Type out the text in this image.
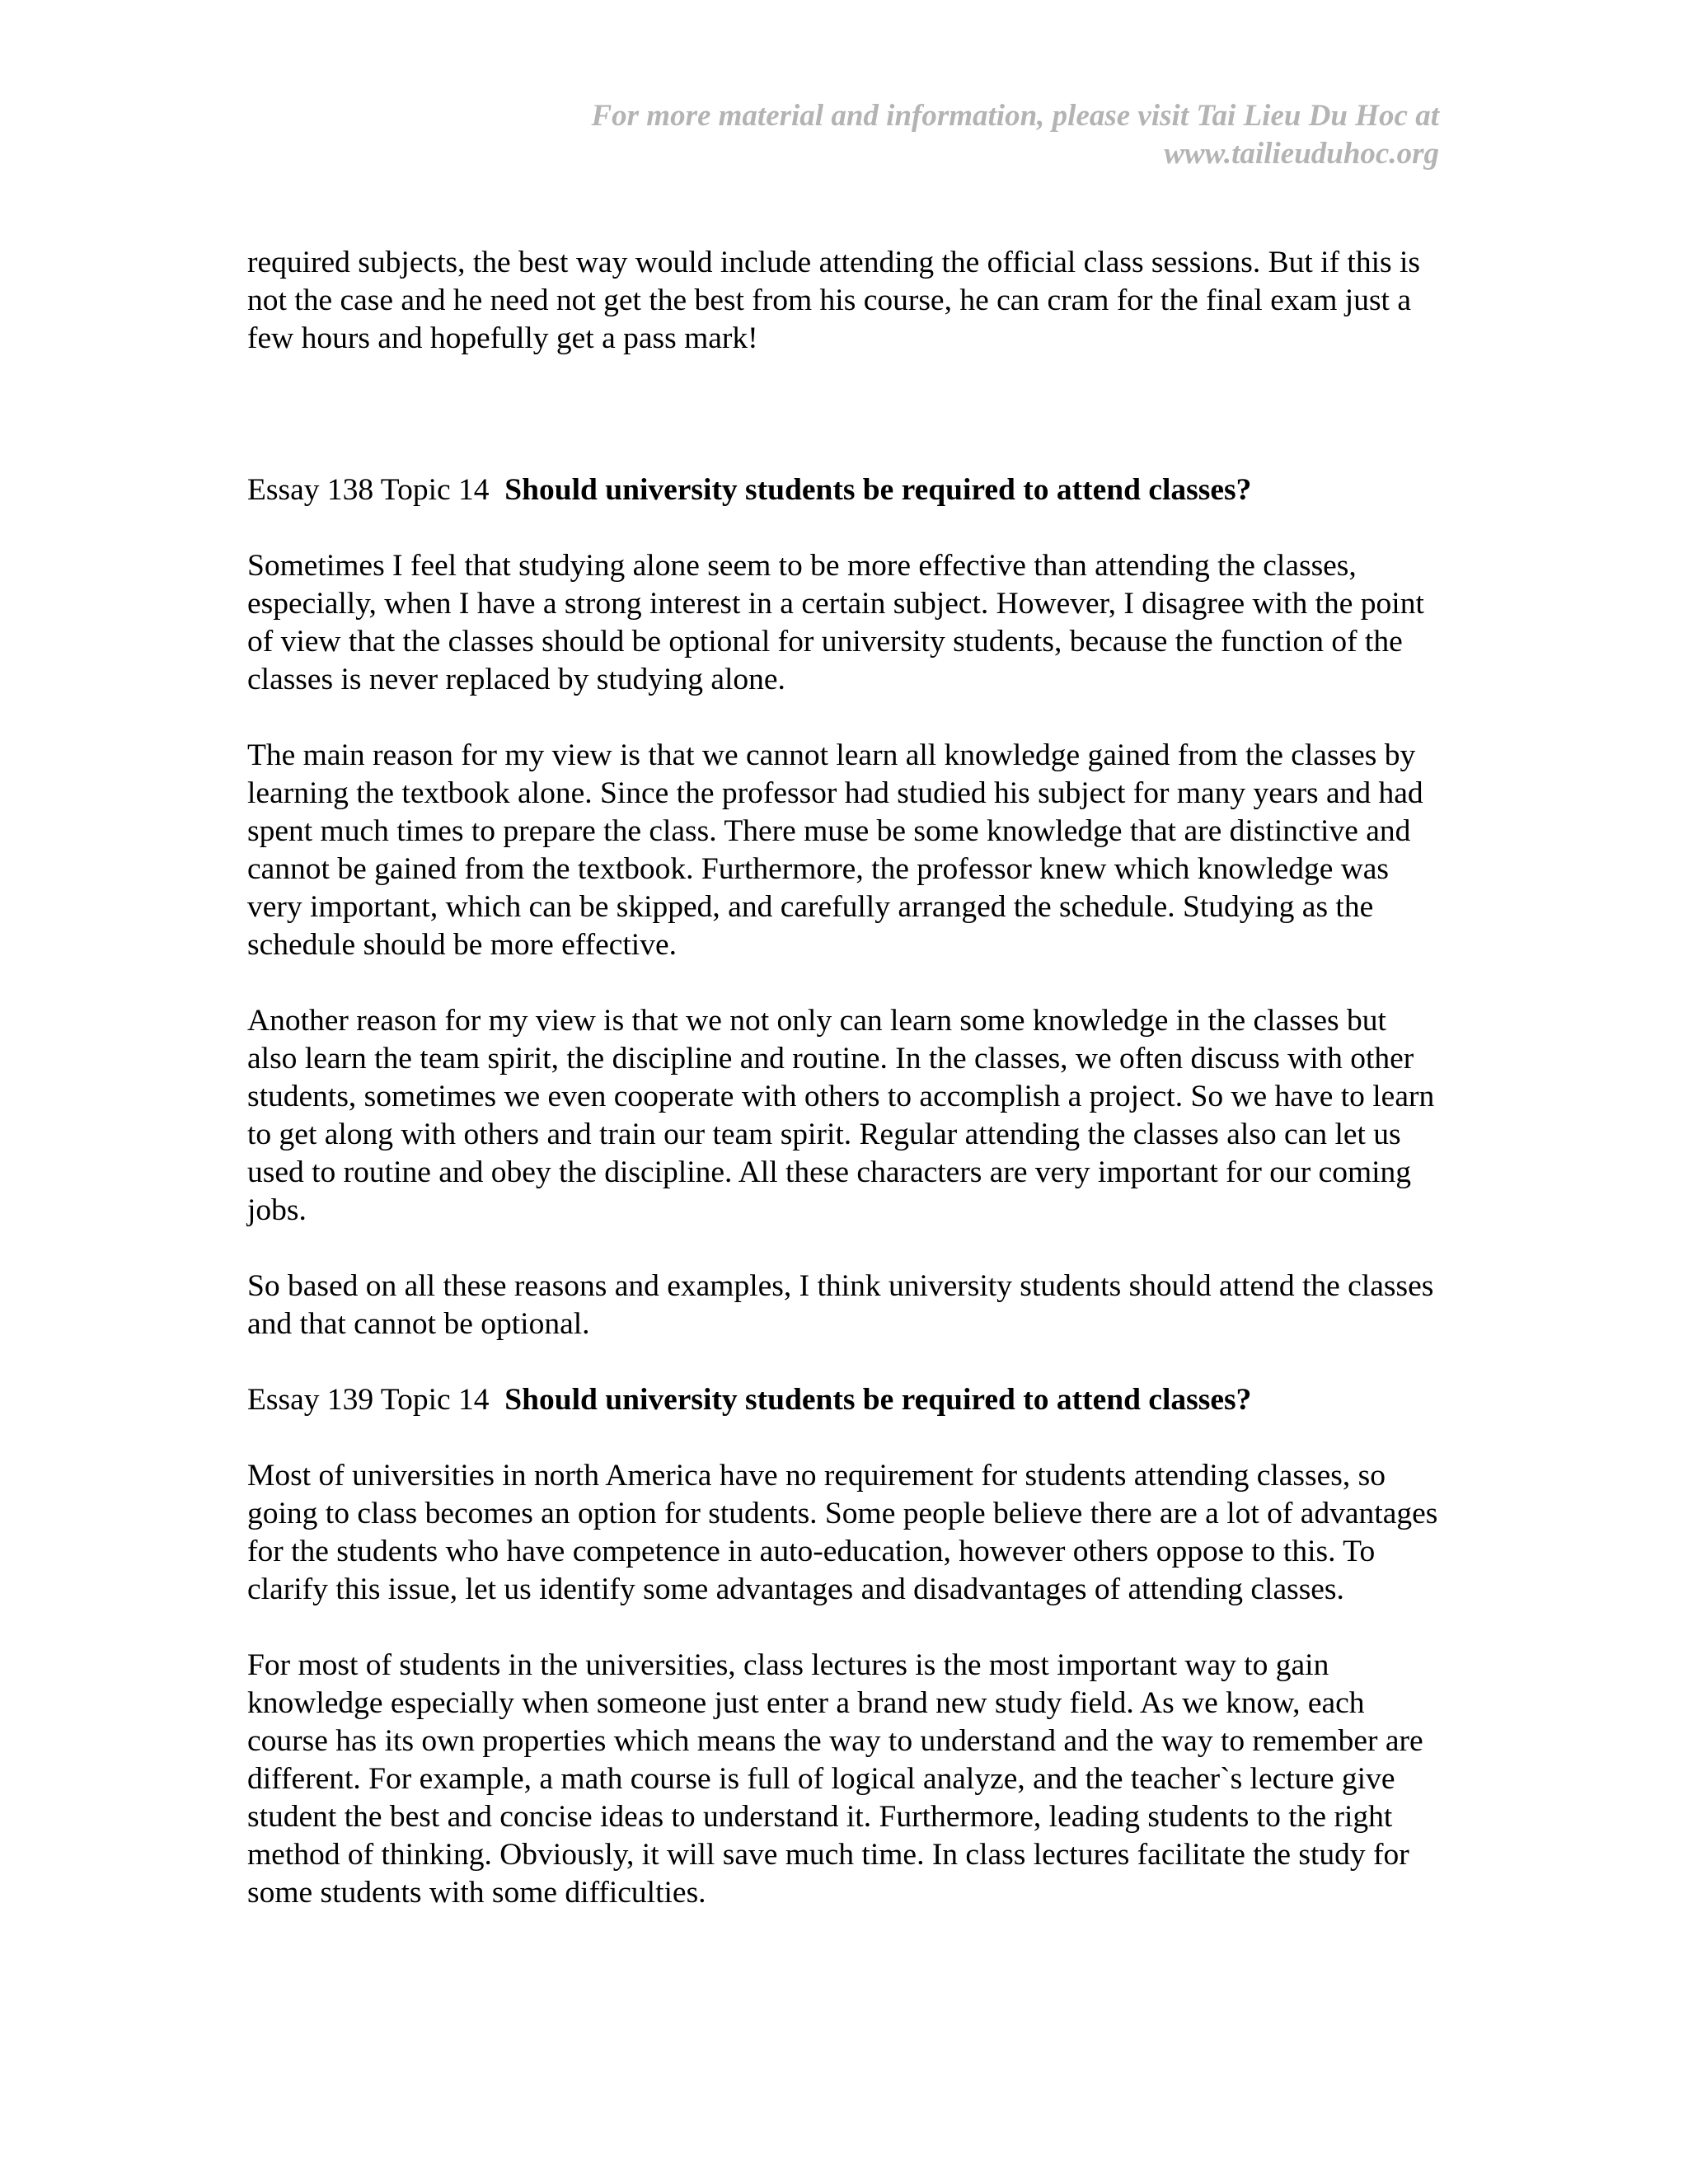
For more material and information, please visit Tai Lieu Du Hoc at
www.tailieuduhoc.org

required subjects, the best way would include attending the official class sessions. But if this is not the case and he need not get the best from his course, he can cram for the final exam just a few hours and hopefully get a pass mark!

Essay 138 Topic 14 Should university students be required to attend classes?

Sometimes I feel that studying alone seem to be more effective than attending the classes, especially, when I have a strong interest in a certain subject. However, I disagree with the point of view that the classes should be optional for university students, because the function of the classes is never replaced by studying alone.

The main reason for my view is that we cannot learn all knowledge gained from the classes by learning the textbook alone. Since the professor had studied his subject for many years and had spent much times to prepare the class. There muse be some knowledge that are distinctive and cannot be gained from the textbook. Furthermore, the professor knew which knowledge was very important, which can be skipped, and carefully arranged the schedule. Studying as the schedule should be more effective.

Another reason for my view is that we not only can learn some knowledge in the classes but also learn the team spirit, the discipline and routine. In the classes, we often discuss with other students, sometimes we even cooperate with others to accomplish a project. So we have to learn to get along with others and train our team spirit. Regular attending the classes also can let us used to routine and obey the discipline. All these characters are very important for our coming jobs.

So based on all these reasons and examples, I think university students should attend the classes and that cannot be optional.

Essay 139 Topic 14 Should university students be required to attend classes?

Most of universities in north America have no requirement for students attending classes, so going to class becomes an option for students. Some people believe there are a lot of advantages for the students who have competence in auto-education, however others oppose to this. To clarify this issue, let us identify some advantages and disadvantages of attending classes.

For most of students in the universities, class lectures is the most important way to gain knowledge especially when someone just enter a brand new study field. As we know, each course has its own properties which means the way to understand and the way to remember are different. For example, a math course is full of logical analyze, and the teacher`s lecture give student the best and concise ideas to understand it. Furthermore, leading students to the right method of thinking. Obviously, it will save much time. In class lectures facilitate the study for some students with some difficulties.
